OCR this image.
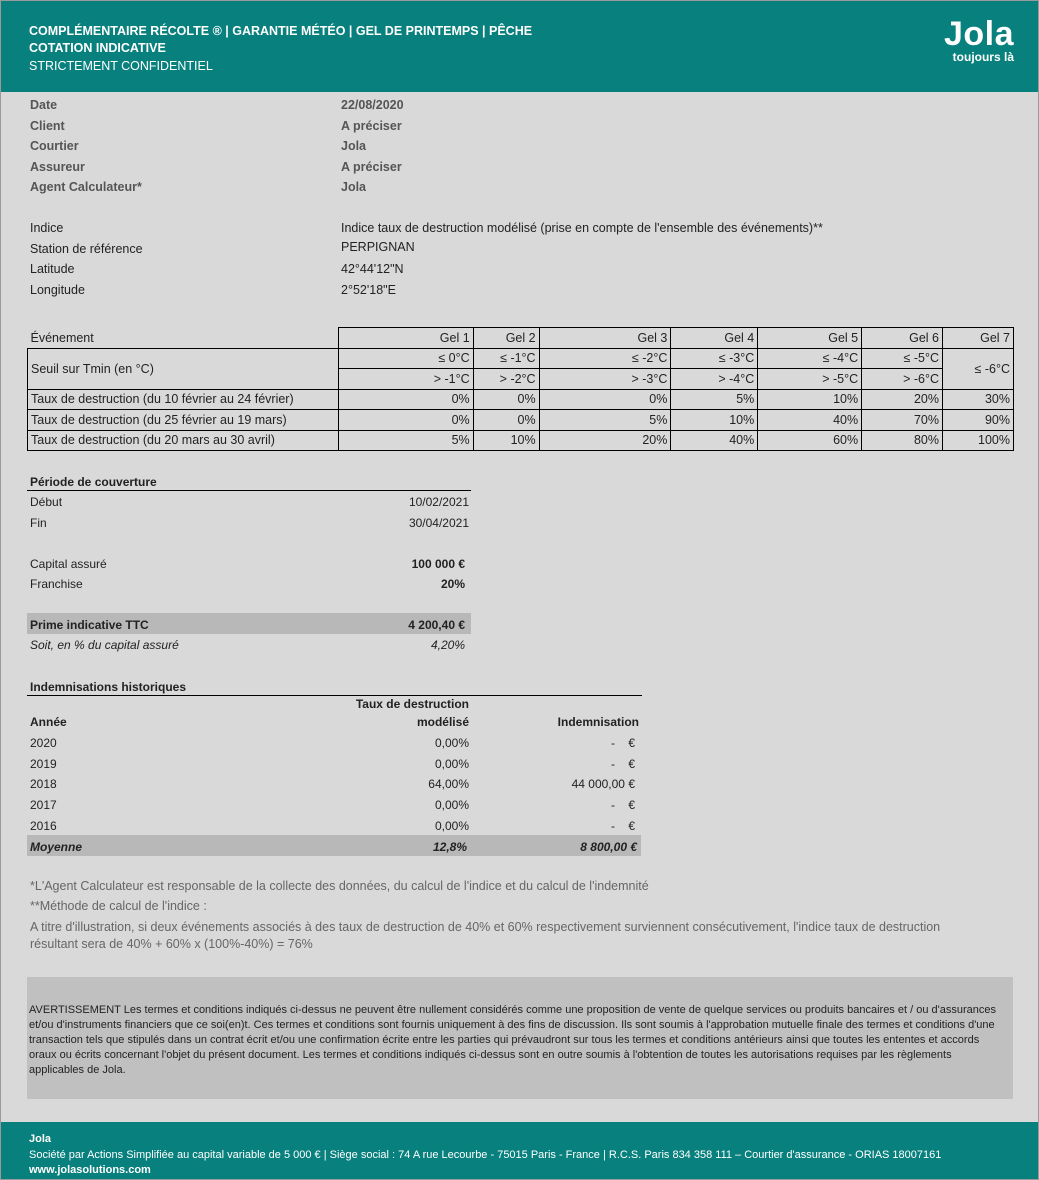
COMPLÉMENTAIRE RÉCOLTE ® | GARANTIE MÉTÉO | GEL DE PRINTEMPS | PÊCHE
COTATION INDICATIVE
STRICTEMENT CONFIDENTIEL
Jola
toujours là
Date	22/08/2020
Client	A préciser
Courtier	Jola
Assureur	A préciser
Agent Calculateur*	Jola
Indice	Indice taux de destruction modélisé (prise en compte de l'ensemble des événements)**
Station de référence	PERPIGNAN
Latitude	42°44'12"N
Longitude	2°52'18"E
Événement	Gel 1	Gel 2	Gel 3	Gel 4	Gel 5	Gel 6	Gel 7
Seuil sur Tmin (en °C)	≤ 0°C	≤ -1°C	≤ -2°C	≤ -3°C	≤ -4°C	≤ -5°C	≤ -6°C
	> -1°C	> -2°C	> -3°C	> -4°C	> -5°C	> -6°C	
Taux de destruction (du 10 février au 24 février)	0%	0%	0%	5%	10%	20%	30%
Taux de destruction (du 25 février au 19 mars)	0%	0%	5%	10%	40%	70%	90%
Taux de destruction (du 20 mars au 30 avril)	5%	10%	20%	40%	60%	80%	100%
Période de couverture
Début	10/02/2021
Fin	30/04/2021
Capital assuré	100 000 €
Franchise	20%
Prime indicative TTC	4 200,40 €
Soit, en % du capital assuré	4,20%
Indemnisations historiques
Taux de destruction
Année	modélisé	Indemnisation
2020	0,00%	-    €
2019	0,00%	-    €
2018	64,00%	44 000,00 €
2017	0,00%	-    €
2016	0,00%	-    €
Moyenne	12,8%	8 800,00 €
*L'Agent Calculateur est responsable de la collecte des données, du calcul de l'indice et du calcul de l'indemnité
**Méthode de calcul de l'indice :
A titre d'illustration, si deux événements associés à des taux de destruction de 40% et 60% respectivement surviennent consécutivement, l'indice taux de destruction
résultant sera de 40% + 60% x (100%-40%) = 76%

AVERTISSEMENT Les termes et conditions indiqués ci-dessus ne peuvent être nullement considérés comme une proposition de vente de quelque services ou produits bancaires et / ou d'assurances et/ou d'instruments financiers que ce soi(en)t. Ces termes et conditions sont fournis uniquement à des fins de discussion. Ils sont soumis à l'approbation mutuelle finale des termes et conditions d'une transaction tels que stipulés dans un contrat écrit et/ou une confirmation écrite entre les parties qui prévaudront sur tous les termes et conditions antérieurs ainsi que toutes les ententes et accords oraux ou écrits concernant l'objet du présent document. Les termes et conditions indiqués ci-dessus sont en outre soumis à l'obtention de toutes les autorisations requises par les règlements applicables de Jola.

Jola
Société par Actions Simplifiée au capital variable de 5 000 € | Siège social : 74 A rue Lecourbe - 75015 Paris - France | R.C.S. Paris 834 358 111 – Courtier d'assurance - ORIAS 18007161
www.jolasolutions.com
